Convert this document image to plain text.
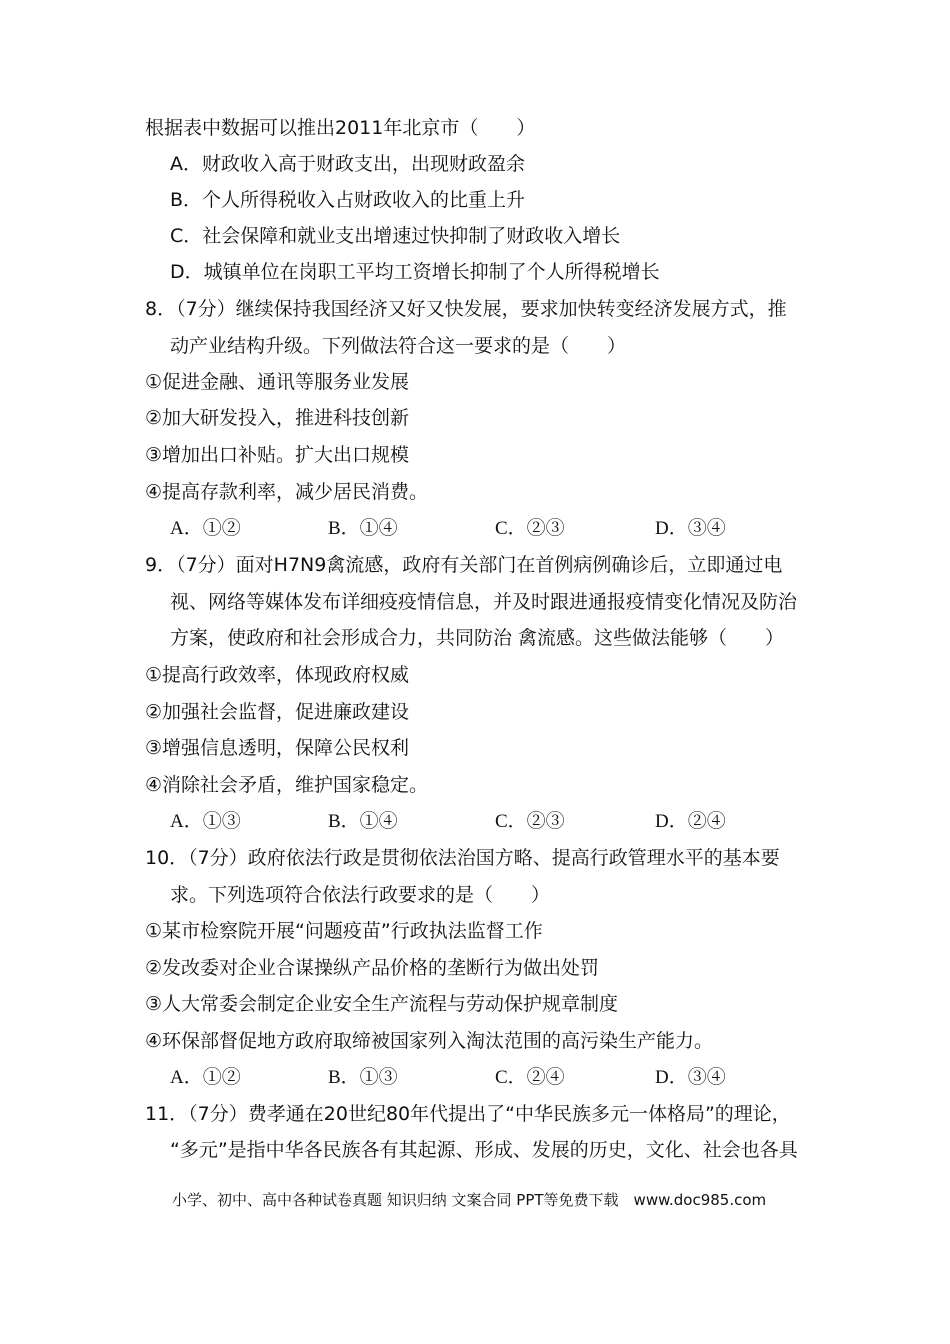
根据表中数据可以推出2011年北京市（　　）
A．财政收入高于财政支出，出现财政盈余
B．个人所得税收入占财政收入的比重上升
C．社会保障和就业支出增速过快抑制了财政收入增长
D．城镇单位在岗职工平均工资增长抑制了个人所得税增长
8．（7分）继续保持我国经济又好又快发展，要求加快转变经济发展方式，推
动产业结构升级。下列做法符合这一要求的是（　　）
①促进金融、通讯等服务业发展
②加大研发投入，推进科技创新
③增加出口补贴。扩大出口规模
④提高存款利率，减少居民消费。
A．①②	B．①④	C．②③	D．③④
9．（7分）面对H7N9禽流感，政府有关部门在首例病例确诊后，立即通过电
视、网络等媒体发布详细疫疫情信息，并及时跟进通报疫情变化情况及防治
方案，使政府和社会形成合力，共同防治 禽流感。这些做法能够（　　）
①提高行政效率，体现政府权威
②加强社会监督，促进廉政建设
③增强信息透明，保障公民权利
④消除社会矛盾，维护国家稳定。
A．①③	B．①④	C．②③	D．②④
10．（7分）政府依法行政是贯彻依法治国方略、提高行政管理水平的基本要
求。下列选项符合依法行政要求的是（　　）
①某市检察院开展“问题疫苗”行政执法监督工作
②发改委对企业合谋操纵产品价格的垄断行为做出处罚
③人大常委会制定企业安全生产流程与劳动保护规章制度
④环保部督促地方政府取缔被国家列入淘汰范围的高污染生产能力。
A．①②	B．①③	C．②④	D．③④
11．（7分）费孝通在20世纪80年代提出了“中华民族多元一体格局”的理论，
“多元”是指中华各民族各有其起源、形成、发展的历史，文化、社会也各具
小学、初中、高中各种试卷真题 知识归纳 文案合同 PPT等免费下载　www.doc985.com
